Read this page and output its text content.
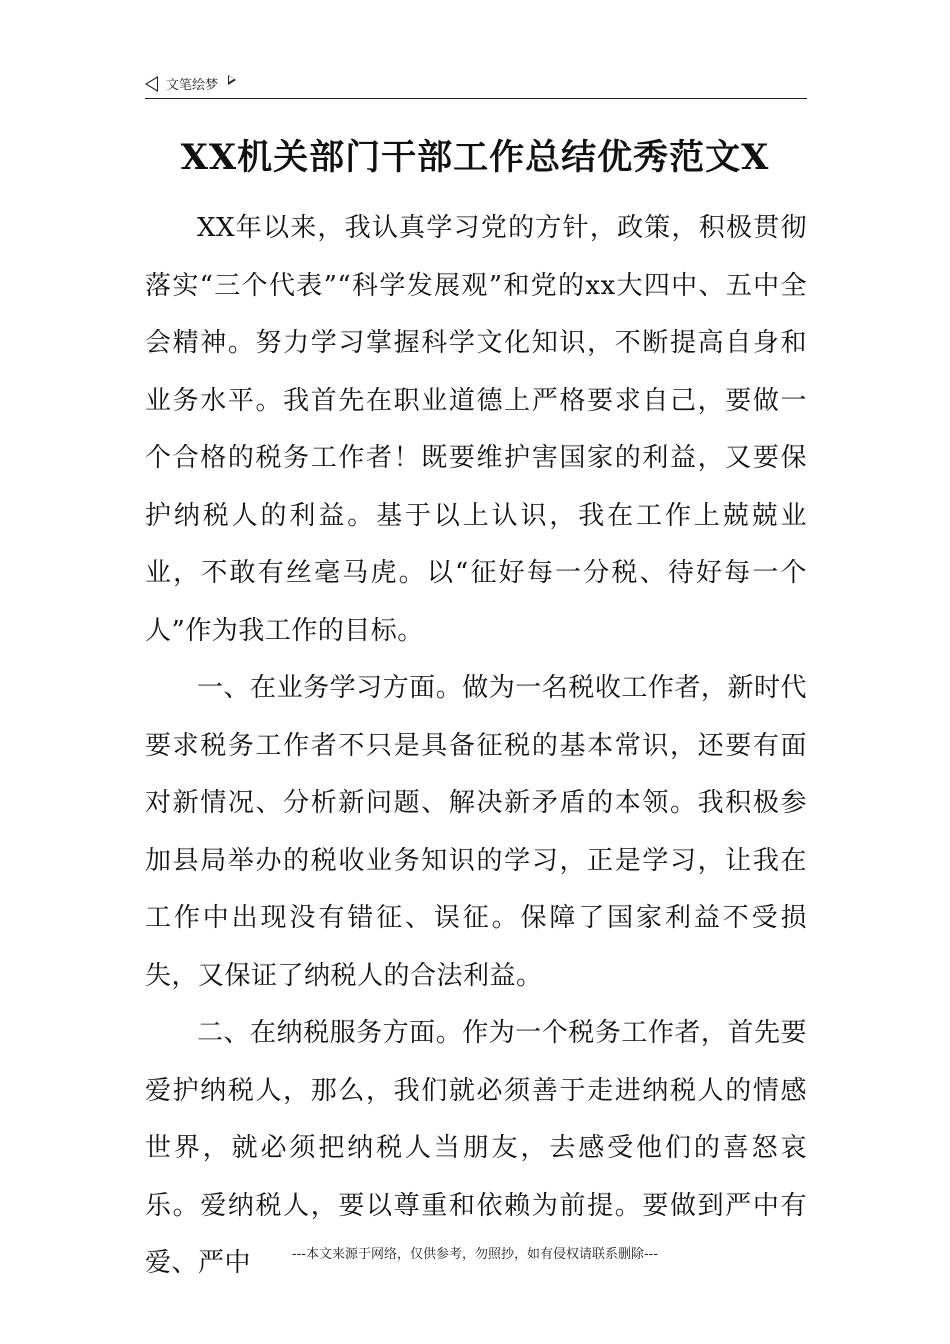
文笔绘梦
XX机关部门干部工作总结优秀范文X

XX年以来，我认真学习党的方针，政策，积极贯彻落实“三个代表”“科学发展观”和党的xx大四中、五中全会精神。努力学习掌握科学文化知识，不断提高自身和业务水平。我首先在职业道德上严格要求自己，要做一个合格的税务工作者！既要维护害国家的利益，又要保护纳税人的利益。基于以上认识，我在工作上兢兢业业，不敢有丝毫马虎。以“征好每一分税、待好每一个人”作为我工作的目标。

一、在业务学习方面。做为一名税收工作者，新时代要求税务工作者不只是具备征税的基本常识，还要有面对新情况、分析新问题、解决新矛盾的本领。我积极参加县局举办的税收业务知识的学习，正是学习，让我在工作中出现没有错征、误征。保障了国家利益不受损失，又保证了纳税人的合法利益。

二、在纳税服务方面。作为一个税务工作者，首先要爱护纳税人，那么，我们就必须善于走进纳税人的情感世界，就必须把纳税人当朋友，去感受他们的喜怒哀乐。爱纳税人，要以尊重和依赖为前提。要做到严中有爱、严中	---本文来源于网络，仅供参考，勿照抄，如有侵权请联系删除---
